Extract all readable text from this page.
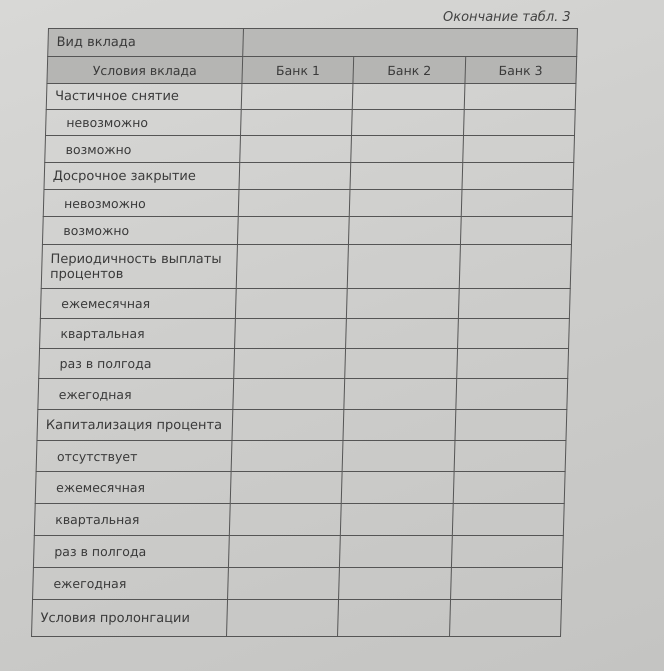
Окончание табл. 3
Вид вклада			
Условия вклада	Банк 1	Банк 2	Банк 3
Частичное снятие			
невозможно			
возможно			
Досрочное закрытие			
невозможно			
возможно			
Периодичность выплаты процентов			
ежемесячная			
квартальная			
раз в полгода			
ежегодная			
Капитализация процента			
отсутствует			
ежемесячная			
квартальная			
раз в полгода			
ежегодная			
Условия пролонгации			
